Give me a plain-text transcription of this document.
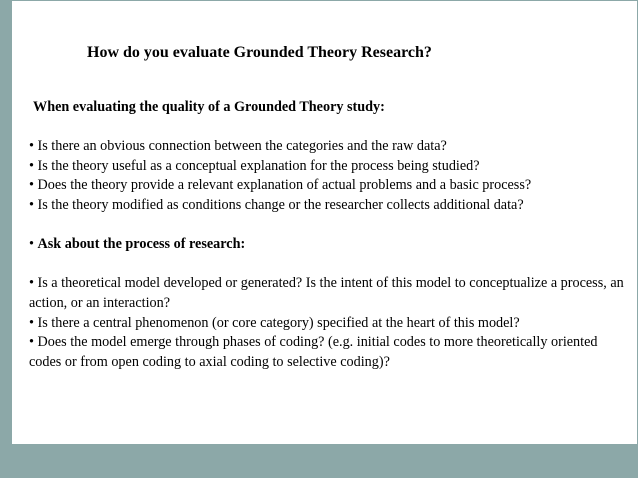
How do you evaluate Grounded Theory Research?
When evaluating the quality of a Grounded Theory study:
• Is there an obvious connection between the categories and the raw data?
• Is the theory useful as a conceptual explanation for the process being studied?
• Does the theory provide a relevant explanation of actual problems and a basic process?
• Is the theory modified as conditions change or the researcher collects additional data?
• Ask about the process of research:
• Is a theoretical model developed or generated? Is the intent of this model to conceptualize a process, an action, or an interaction?
• Is there a central phenomenon (or core category) specified at the heart of this model?
• Does the model emerge through phases of coding? (e.g. initial codes to more theoretically oriented codes or from open coding to axial coding to selective coding)?
